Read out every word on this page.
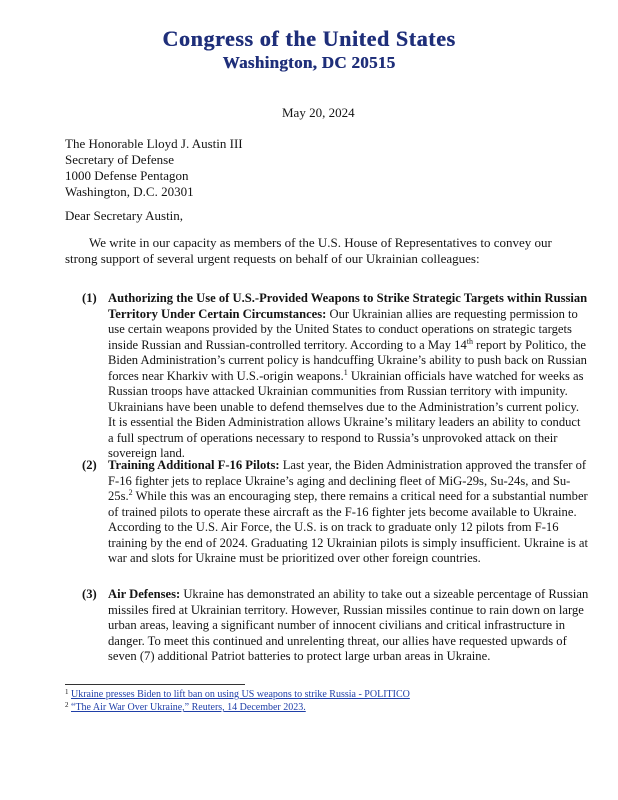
Congress of the United States
Washington, DC 20515
May 20, 2024
The Honorable Lloyd J. Austin III
Secretary of Defense
1000 Defense Pentagon
Washington, D.C. 20301
Dear Secretary Austin,
We write in our capacity as members of the U.S. House of Representatives to convey our strong support of several urgent requests on behalf of our Ukrainian colleagues:
(1) Authorizing the Use of U.S.-Provided Weapons to Strike Strategic Targets within Russian Territory Under Certain Circumstances: Our Ukrainian allies are requesting permission to use certain weapons provided by the United States to conduct operations on strategic targets inside Russian and Russian-controlled territory. According to a May 14th report by Politico, the Biden Administration’s current policy is handcuffing Ukraine’s ability to push back on Russian forces near Kharkiv with U.S.-origin weapons.$^1$ Ukrainian officials have watched for weeks as Russian troops have attacked Ukrainian communities from Russian territory with impunity. Ukrainians have been unable to defend themselves due to the Administration’s current policy. It is essential the Biden Administration allows Ukraine’s military leaders an ability to conduct a full spectrum of operations necessary to respond to Russia’s unprovoked attack on their sovereign land.
(2) Training Additional F-16 Pilots: Last year, the Biden Administration approved the transfer of F-16 fighter jets to replace Ukraine’s aging and declining fleet of MiG-29s, Su-24s, and Su-25s.$^2$ While this was an encouraging step, there remains a critical need for a substantial number of trained pilots to operate these aircraft as the F-16 fighter jets become available to Ukraine. According to the U.S. Air Force, the U.S. is on track to graduate only 12 pilots from F-16 training by the end of 2024. Graduating 12 Ukrainian pilots is simply insufficient. Ukraine is at war and slots for Ukraine must be prioritized over other foreign countries.
(3) Air Defenses: Ukraine has demonstrated an ability to take out a sizeable percentage of Russian missiles fired at Ukrainian territory. However, Russian missiles continue to rain down on large urban areas, leaving a significant number of innocent civilians and critical infrastructure in danger. To meet this continued and unrelenting threat, our allies have requested upwards of seven (7) additional Patriot batteries to protect large urban areas in Ukraine.
$^1$ Ukraine presses Biden to lift ban on using US weapons to strike Russia - POLITICO
$^2$ “The Air War Over Ukraine,” Reuters, 14 December 2023.
